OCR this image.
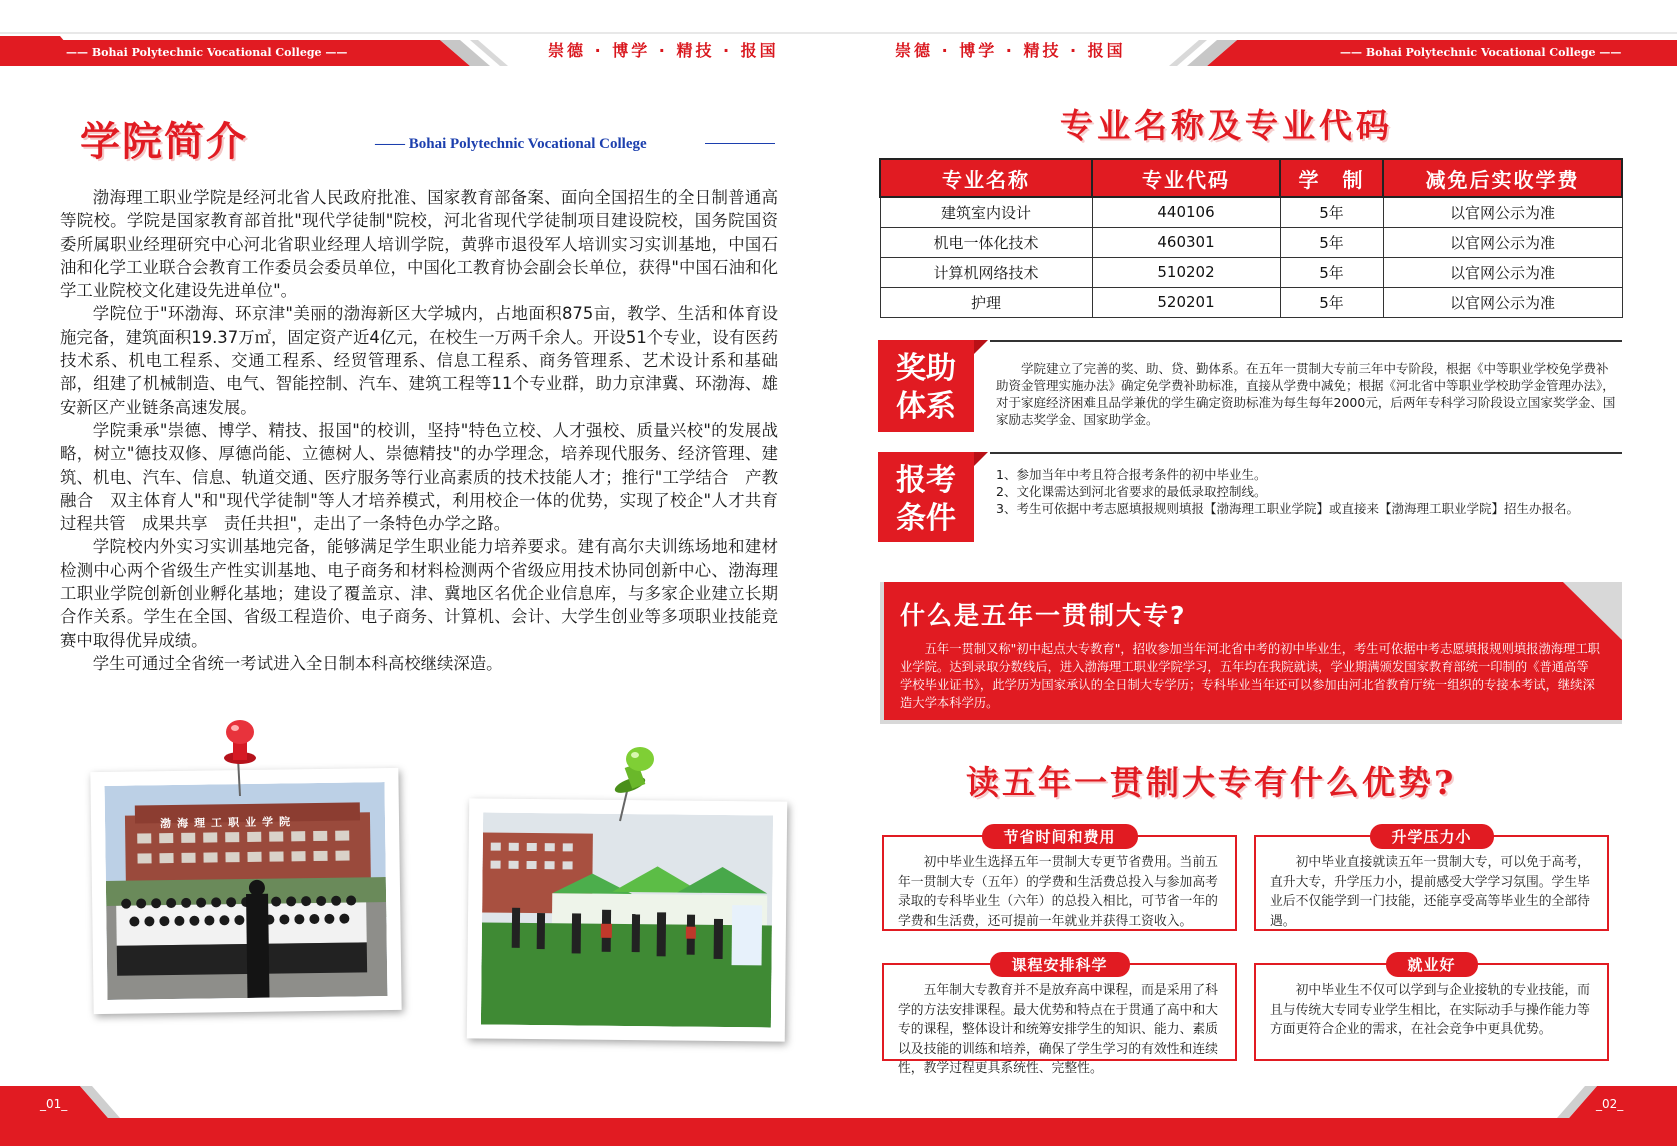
—— Bohai Polytechnic Vocational College ——	—— Bohai Polytechnic Vocational College ——
崇德 · 博学 · 精技 · 报国	崇德 · 博学 · 精技 · 报国
学院简介	—— Bohai Polytechnic Vocational College

渤海理工职业学院是经河北省人民政府批准、国家教育部备案、面向全国招生的全日制普通高等院校。学院是国家教育部首批"现代学徒制"院校，河北省现代学徒制项目建设院校，国务院国资委所属职业经理研究中心河北省职业经理人培训学院，黄骅市退役军人培训实习实训基地，中国石油和化学工业联合会教育工作委员会委员单位，中国化工教育协会副会长单位，获得"中国石油和化学工业院校文化建设先进单位"。

学院位于"环渤海、环京津"美丽的渤海新区大学城内，占地面积875亩，教学、生活和体育设施完备，建筑面积19.37万㎡，固定资产近4亿元，在校生一万两千余人。开设51个专业，设有医药技术系、机电工程系、交通工程系、经贸管理系、信息工程系、商务管理系、艺术设计系和基础部，组建了机械制造、电气、智能控制、汽车、建筑工程等11个专业群，助力京津冀、环渤海、雄安新区产业链条高速发展。

学院秉承"崇德、博学、精技、报国"的校训，坚持"特色立校、人才强校、质量兴校"的发展战略，树立"德技双修、厚德尚能、立德树人、崇德精技"的办学理念，培养现代服务、经济管理、建筑、机电、汽车、信息、轨道交通、医疗服务等行业高素质的技术技能人才；推行"工学结合　产教融合　双主体育人"和"现代学徒制"等人才培养模式，利用校企一体的优势，实现了校企"人才共育　过程共管　成果共享　责任共担"，走出了一条特色办学之路。

学院校内外实习实训基地完备，能够满足学生职业能力培养要求。建有高尔夫训练场地和建材检测中心两个省级生产性实训基地、电子商务和材料检测两个省级应用技术协同创新中心、渤海理工职业学院创新创业孵化基地；建设了覆盖京、津、冀地区名优企业信息库，与多家企业建立长期合作关系。学生在全国、省级工程造价、电子商务、计算机、会计、大学生创业等多项职业技能竞赛中取得优异成绩。

学生可通过全省统一考试进入全日制本科高校继续深造。

渤海理工职业学院
专业名称及专业代码
专业名称	专业代码	学　制	减免后实收学费
建筑室内设计	440106	5年	以官网公示为准
机电一体化技术	460301	5年	以官网公示为准
计算机网络技术	510202	5年	以官网公示为准
护理	520201	5年	以官网公示为准
奖助
体系
学院建立了完善的奖、助、贷、勤体系。在五年一贯制大专前三年中专阶段，根据《中等职业学校免学费补助资金管理实施办法》确定免学费补助标准，直接从学费中减免；根据《河北省中等职业学校助学金管理办法》，对于家庭经济困难且品学兼优的学生确定资助标准为每生每年2000元，后两年专科学习阶段设立国家奖学金、国家励志奖学金、国家助学金。
报考
条件
1、参加当年中考且符合报考条件的初中毕业生。
2、文化课需达到河北省要求的最低录取控制线。
3、考生可依据中考志愿填报规则填报【渤海理工职业学院】或直接来【渤海理工职业学院】招生办报名。
什么是五年一贯制大专?
五年一贯制又称"初中起点大专教育"，招收参加当年河北省中考的初中毕业生，考生可依据中考志愿填报规则填报渤海理工职业学院。达到录取分数线后，进入渤海理工职业学院学习，五年均在我院就读，学业期满颁发国家教育部统一印制的《普通高等学校毕业证书》，此学历为国家承认的全日制大专学历；专科毕业当年还可以参加由河北省教育厅统一组织的专接本考试，继续深造大学本科学历。
读五年一贯制大专有什么优势?
节省时间和费用
初中毕业生选择五年一贯制大专更节省费用。当前五年一贯制大专（五年）的学费和生活费总投入与参加高考录取的专科毕业生（六年）的总投入相比，可节省一年的学费和生活费，还可提前一年就业并获得工资收入。
升学压力小
初中毕业直接就读五年一贯制大专，可以免于高考，直升大专，升学压力小，提前感受大学学习氛围。学生毕业后不仅能学到一门技能，还能享受高等毕业生的全部待遇。
课程安排科学
五年制大专教育并不是放弃高中课程，而是采用了科学的方法安排课程。最大优势和特点在于贯通了高中和大专的课程，整体设计和统筹安排学生的知识、能力、素质以及技能的训练和培养，确保了学生学习的有效性和连续性，教学过程更具系统性、完整性。
就业好
初中毕业生不仅可以学到与企业接轨的专业技能，而且与传统大专同专业学生相比，在实际动手与操作能力等方面更符合企业的需求，在社会竞争中更具优势。
_01_	_02_
